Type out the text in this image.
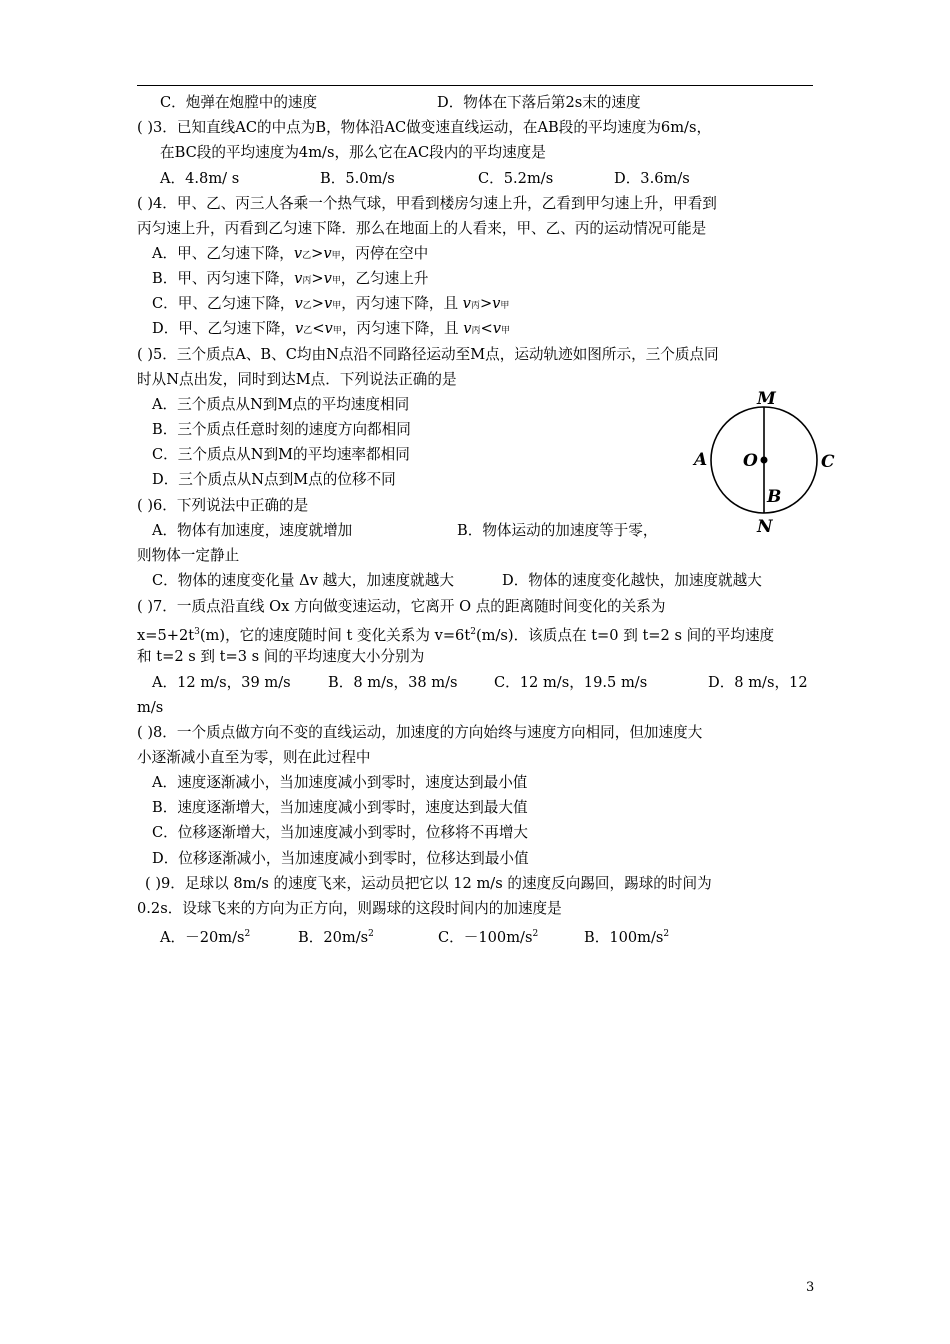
C．炮弹在炮膛中的速度	D．物体在下落后第2s末的速度
( )3．已知直线AC的中点为B，物体沿AC做变速直线运动，在AB段的平均速度为6m/s，
在BC段的平均速度为4m/s，那么它在AC段内的平均速度是
A．4.8m/ s	B．5.0m/s	C．5.2m/s	D．3.6m/s
( )4．甲、乙、丙三人各乘一个热气球，甲看到楼房匀速上升，乙看到甲匀速上升，甲看到
丙匀速上升，丙看到乙匀速下降．那么在地面上的人看来，甲、乙、丙的运动情况可能是
A．甲、乙匀速下降，v乙>v甲，丙停在空中
B．甲、丙匀速下降，v丙>v甲，乙匀速上升
C．甲、乙匀速下降，v乙>v甲，丙匀速下降，且 v丙>v甲
D．甲、乙匀速下降，v乙<v甲，丙匀速下降，且 v丙<v甲
( )5．三个质点A、B、C均由N点沿不同路径运动至M点，运动轨迹如图所示，三个质点同
时从N点出发，同时到达M点．下列说法正确的是
A．三个质点从N到M点的平均速度相同
B．三个质点任意时刻的速度方向都相同
C．三个质点从N到M的平均速率都相同
D．三个质点从N点到M点的位移不同
M
A O	C
B
N
( )6．下列说法中正确的是
A．物体有加速度，速度就增加	B．物体运动的加速度等于零，
则物体一定静止
C．物体的速度变化量 Δv 越大，加速度就越大	D．物体的速度变化越快，加速度就越大
( )7．一质点沿直线 Ox 方向做变速运动，它离开 O 点的距离随时间变化的关系为
$x=5+2t^3(m)$，它的速度随时间 t 变化关系为 $v=6t^2(m/s)$．该质点在 t=0 到 t=2 s 间的平均速度
和 t=2 s 到 t=3 s 间的平均速度大小分别为
A．12 m/s，39 m/s	B．8 m/s，38 m/s C．12 m/s，19.5 m/s	D．8 m/s，12
m/s
( )8．一个质点做方向不变的直线运动，加速度的方向始终与速度方向相同，但加速度大
小逐渐减小直至为零，则在此过程中
A．速度逐渐减小，当加速度减小到零时，速度达到最小值
B．速度逐渐增大，当加速度减小到零时，速度达到最大值
C．位移逐渐增大，当加速度减小到零时，位移将不再增大
D．位移逐渐减小，当加速度减小到零时，位移达到最小值
( )9．足球以 8m/s 的速度飞来，运动员把它以 12 m/s 的速度反向踢回，踢球的时间为
0.2s．设球飞来的方向为正方向，则踢球的这段时间内的加速度是
A．$-20m/s^2$	B．$20m/s^2$	C．$-100m/s^2$	B．$100m/s^2$
3
